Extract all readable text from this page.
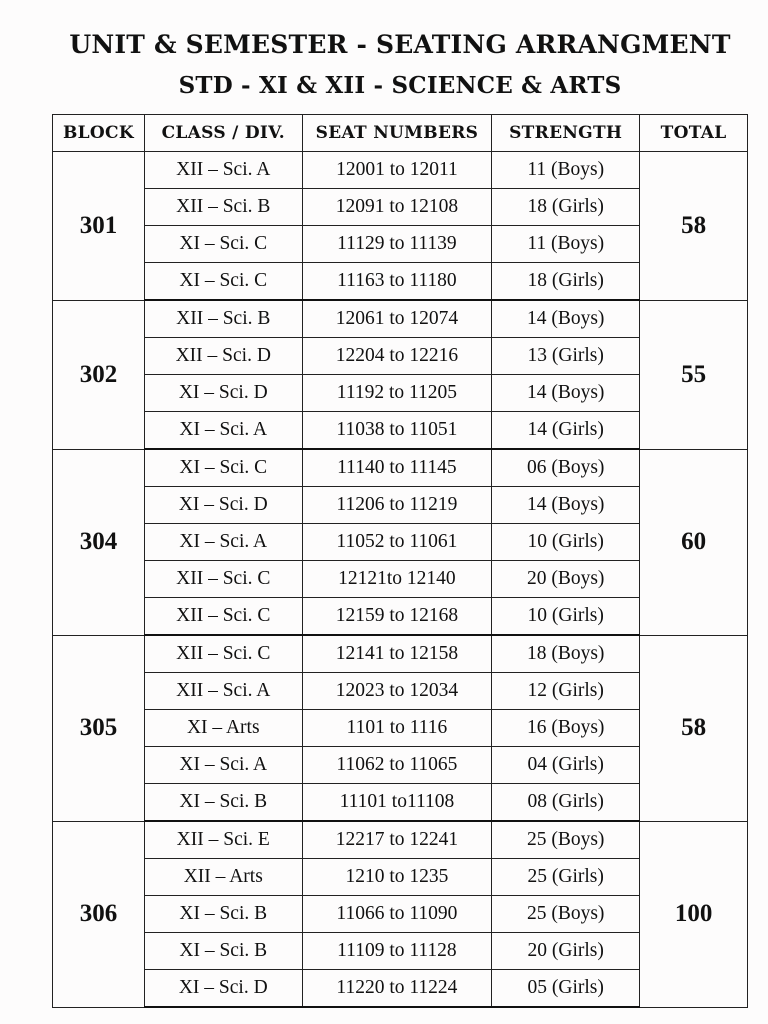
UNIT & SEMESTER - SEATING ARRANGMENT
STD - XI & XII - SCIENCE & ARTS
BLOCK	CLASS / DIV.	SEAT NUMBERS	STRENGTH	TOTAL
301	XII – Sci. A	12001 to 12011	11 (Boys)	58
	XII – Sci. B	12091 to 12108	18 (Girls)	
	XI – Sci. C	11129 to 11139	11 (Boys)	
	XI – Sci. C	11163 to 11180	18 (Girls)	
302	XII – Sci. B	12061 to 12074	14 (Boys)	55
	XII – Sci. D	12204 to 12216	13 (Girls)	
	XI – Sci. D	11192 to 11205	14 (Boys)	
	XI – Sci. A	11038 to 11051	14 (Girls)	
304	XI – Sci. C	11140 to 11145	06 (Boys)	60
	XI – Sci. D	11206 to 11219	14 (Boys)	
	XI – Sci. A	11052 to 11061	10 (Girls)	
	XII – Sci. C	12121to 12140	20 (Boys)	
	XII – Sci. C	12159 to 12168	10 (Girls)	
305	XII – Sci. C	12141 to 12158	18 (Boys)	58
	XII – Sci. A	12023 to 12034	12 (Girls)	
	XI – Arts	1101 to 1116	16 (Boys)	
	XI – Sci. A	11062 to 11065	04 (Girls)	
	XI – Sci. B	11101 to11108	08 (Girls)	
306	XII – Sci. E	12217 to 12241	25 (Boys)	100
	XII – Arts	1210 to 1235	25 (Girls)	
	XI – Sci. B	11066 to 11090	25 (Boys)	
	XI – Sci. B	11109 to 11128	20 (Girls)	
	XI – Sci. D	11220 to 11224	05 (Girls)	
